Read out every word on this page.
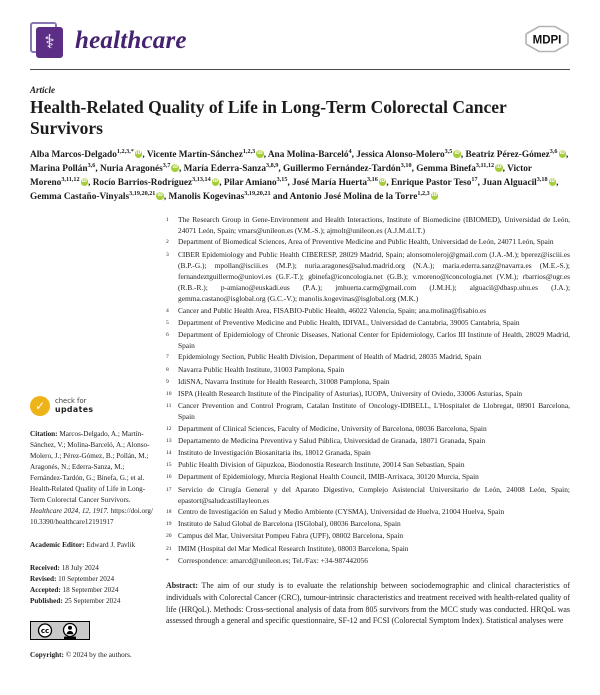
⚕ healthcare	MDPI
Article
Health-Related Quality of Life in Long-Term Colorectal Cancer Survivors
Alba Marcos-Delgado$^{1,2,3,*}$ iD, Vicente Martín-Sánchez$^{1,2,3}$ iD, Ana Molina-Barceló$^4$, Jessica Alonso-Molero$^{3,5}$ iD, Beatriz Pérez-Gómez$^{3,6}$ iD, Marina Pollán$^{3,6}$, Nuria Aragonés$^{3,7}$ iD, María Ederra-Sanza$^{3,8,9}$, Guillermo Fernández-Tardón$^{3,10}$, Gemma Binefa$^{3,11,12}$ iD, Victor Moreno$^{3,11,12}$ iD, Rocío Barrios-Rodríguez$^{3,13,14}$ iD, Pilar Amiano$^{3,15}$, José María Huerta$^{3,16}$ iD, Enrique Pastor Teso$^{17}$, Juan Alguacil$^{3,18}$ iD, Gemma Castaño-Vinyals$^{3,19,20,21}$ iD, Manolis Kogevinas$^{3,19,20,21}$ and Antonio José Molina de la Torre$^{1,2,3}$ iD
✓	check for
updates

Citation: Marcos-Delgado, A.; Martín-Sánchez, V.; Molina-Barceló, A.; Alonso-Molero, J.; Pérez-Gómez, B.; Pollán, M.; Aragonés, N.; Ederra-Sanza, M.; Fernández-Tardón, G.; Binefa, G.; et al. Health-Related Quality of Life in Long-Term Colorectal Cancer Survivors. Healthcare 2024, 12, 1917. https://doi.org/10.3390/healthcare12191917

Academic Editor: Edward J. Pavlik

Received: 18 July 2024

Revised: 10 September 2024

Accepted: 18 September 2024

Published: 25 September 2024

cc

Copyright: © 2024 by the authors.

1	The Research Group in Gene-Environment and Health Interactions, Institute of Biomedicine (IBIOMED), Universidad de León, 24071 León, Spain; vmars@unileon.es (V.M.-S.); ajmolt@unileon.es (A.J.M.d.l.T.)
2	Department of Biomedical Sciences, Area of Preventive Medicine and Public Health, Universidad de León, 24071 León, Spain
3	CIBER Epidemiology and Public Health CIBERESP, 28029 Madrid, Spain; alonsomoleroj@gmail.com (J.A.-M.); bperez@isciii.es (B.P.-G.); mpollan@isciii.es (M.P.); nuria.aragones@salud.madrid.org (N.A.); maria.ederra.sanz@navarra.es (M.E.-S.); fernandeztguillermo@uniovi.es (G.F.-T.); gbinefa@iconcologia.net (G.B.); v.moreno@iconcologia.net (V.M.); rbarrios@ugr.es (R.B.-R.); p-amiano@euskadi.eus (P.A.); jmhuerta.carm@gmail.com (J.M.H.); alguacil@dbasp.uhu.es (J.A.); gemma.castano@isglobal.org (G.C.-V.); manolis.kogevinas@isglobal.org (M.K.)
4	Cancer and Public Health Area, FISABIO-Public Health, 46022 Valencia, Spain; ana.molina@fisabio.es
5	Department of Preventive Medicine and Public Health, IDIVAL, Universidad de Cantabria, 39005 Cantabria, Spain
6	Department of Epidemiology of Chronic Diseases, National Center for Epidemiology, Carlos III Institute of Health, 28029 Madrid, Spain
7	Epidemiology Section, Public Health Division, Department of Health of Madrid, 28035 Madrid, Spain
8	Navarra Public Health Institute, 31003 Pamplona, Spain
9	IdiSNA, Navarra Institute for Health Research, 31008 Pamplona, Spain
10 ISPA (Health Research Institute of the Pincipality of Asturias), IUOPA, University of Oviedo, 33006 Asturias, Spain
11 Cancer Prevention and Control Program, Catalan Institute of Oncology-IDIBELL, L'Hospitalet de Llobregat, 08901 Barcelona, Spain
12 Department of Clinical Sciences, Faculty of Medicine, University of Barcelona, 08036 Barcelona, Spain
13 Departamento de Medicina Preventiva y Salud Pública, Universidad de Granada, 18071 Granada, Spain
14 Instituto de Investigación Biosanitaria ibs, 18012 Granada, Spain
15 Public Health Division of Gipuzkoa, Biodonostia Research Institute, 20014 San Sebastian, Spain
16 Department of Epidemiology, Murcia Regional Health Council, IMIB-Arrixaca, 30120 Murcia, Spain
17 Servicio de Cirugía General y del Aparato Digestivo, Complejo Asistencial Universitario de León, 24008 León, Spain; epastort@saludcastillayleon.es
18 Centro de Investigación en Salud y Medio Ambiente (CYSMA), Universidad de Huelva, 21004 Huelva, Spain
19 Instituto de Salud Global de Barcelona (ISGlobal), 08036 Barcelona, Spain
20 Campus del Mar, Universitat Pompeu Fabra (UPF), 08002 Barcelona, Spain
21 IMIM (Hospital del Mar Medical Research Institute), 08003 Barcelona, Spain
*	Correspondence: amarcd@unileon.es; Tel./Fax: +34-987442056

Abstract: The aim of our study is to evaluate the relationship between sociodemographic and clinical characteristics of individuals with Colorectal Cancer (CRC), tumour-intrinsic characteristics and treatment received with health-related quality of life (HRQoL). Methods: Cross-sectional analysis of data from 805 survivors from the MCC study was conducted. HRQoL was assessed through a general and specific questionnaire, SF-12 and FCSI (Colorectal Symptom Index). Statistical analyses were
